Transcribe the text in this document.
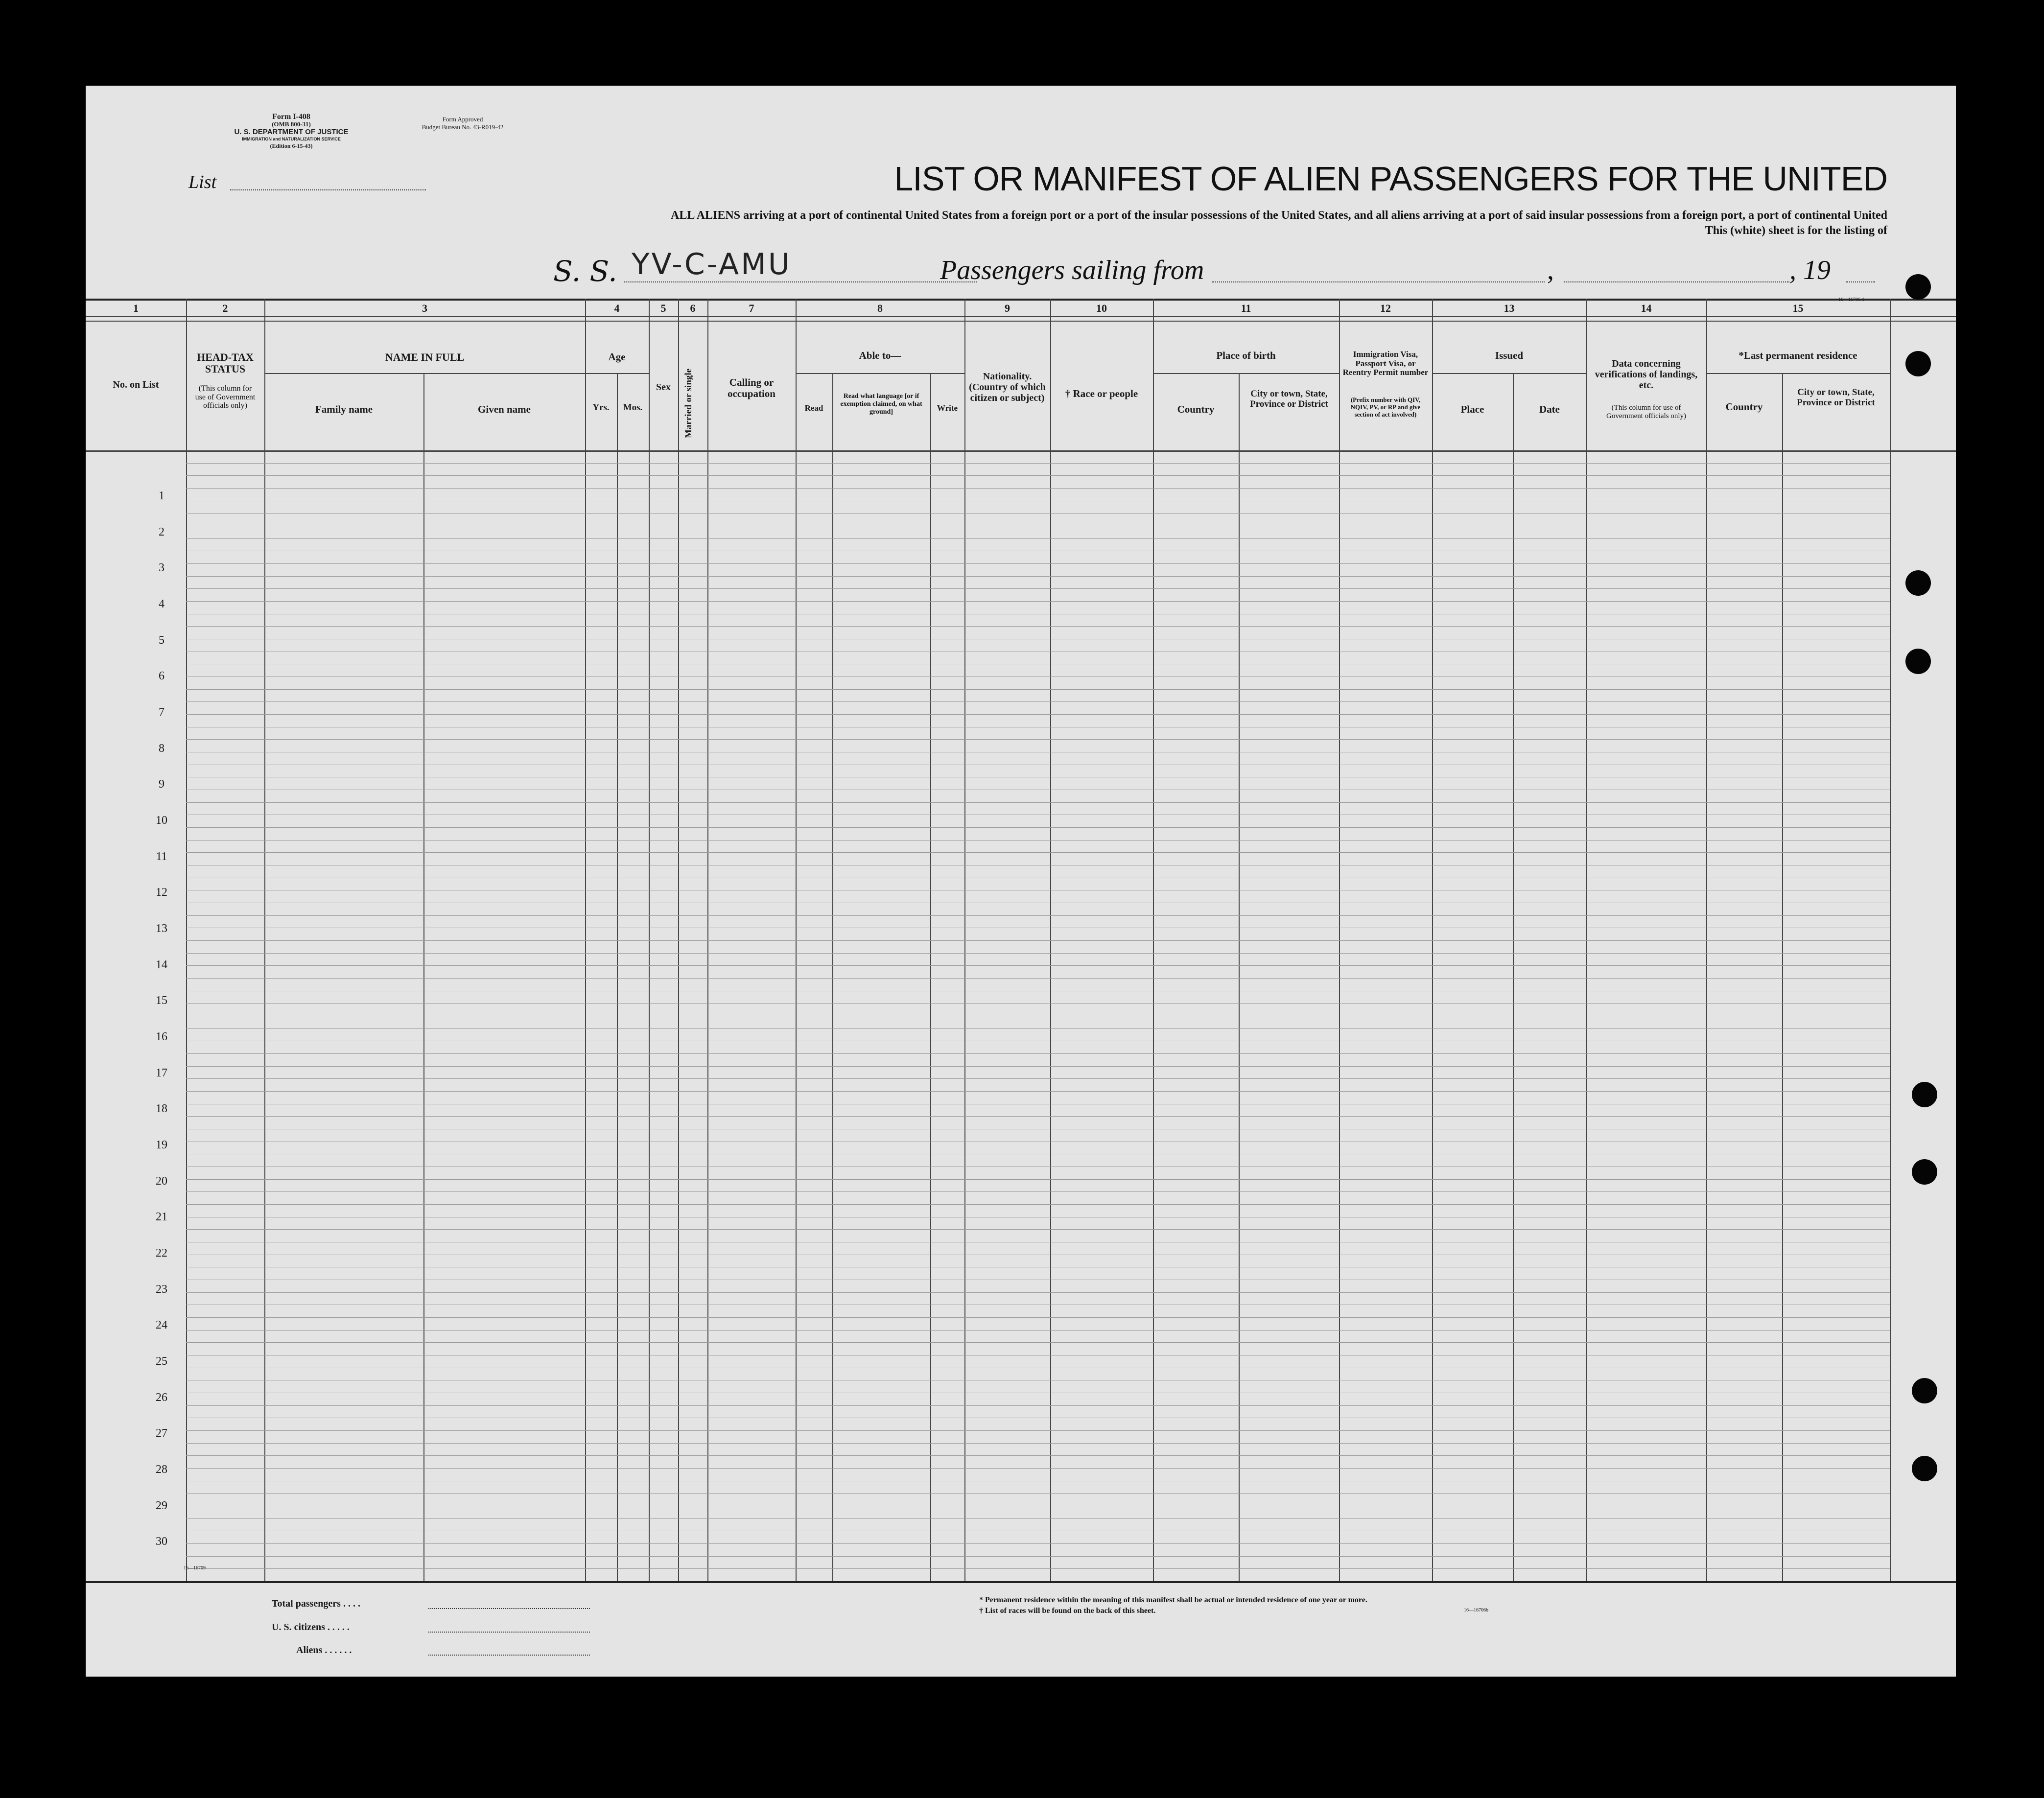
Form I-408
(OMB 800-31)
U. S. DEPARTMENT OF JUSTICE
IMMIGRATION and NATURALIZATION SERVICE
(Edition 6-15-43)
Form Approved
Budget Bureau No. 43-R019-42
List	LIST OR MANIFEST OF ALIEN PASSENGERS FOR THE UNITED
ALL ALIENS arriving at a port of continental United States from a foreign port or a port of the insular possessions of the United States, and all aliens arriving at a port of said insular possessions from a foreign port, a port of continental United
This (white) sheet is for the listing of
S. S. YV-C-AMU	Passengers sailing from	,	, 19
16—16706-1
1	2	3	4	5	6	7	8	9	10	11	12	13	14	15
No. on List
HEAD-TAX STATUS
(This column for use of Government officials only)
NAME IN FULL
Family name	Given name
Age
Yrs.	Mos.
Sex	Married or single	Calling or occupation
Able to—
Read
Read what language [or if exemption claimed, on what ground]	Write
Nationality. (Country of which citizen or subject)	† Race or people
Place of birth
Country
City or town, State, Province or District
Immigration Visa, Passport Visa, or Reentry Permit number
(Prefix number with QIV, NQIV, PV, or RP and give section of act involved)
Issued
Place	Date
Data concerning verifications of landings, etc.
(This column for use of Government officials only)
*Last permanent residence
Country
City or town, State, Province or District
1
2
3
4
5
6
7
8
9
10
11
12
13
14
15
16
17
18
19
20
21
22
23
24
25
26
27
28
29
30
16—16709
Total passengers . . . .
U. S. citizens . . . . .
Aliens . . . . . .
* Permanent residence within the meaning of this manifest shall be actual or intended residence of one year or more.
† List of races will be found on the back of this sheet.	16—16706b
